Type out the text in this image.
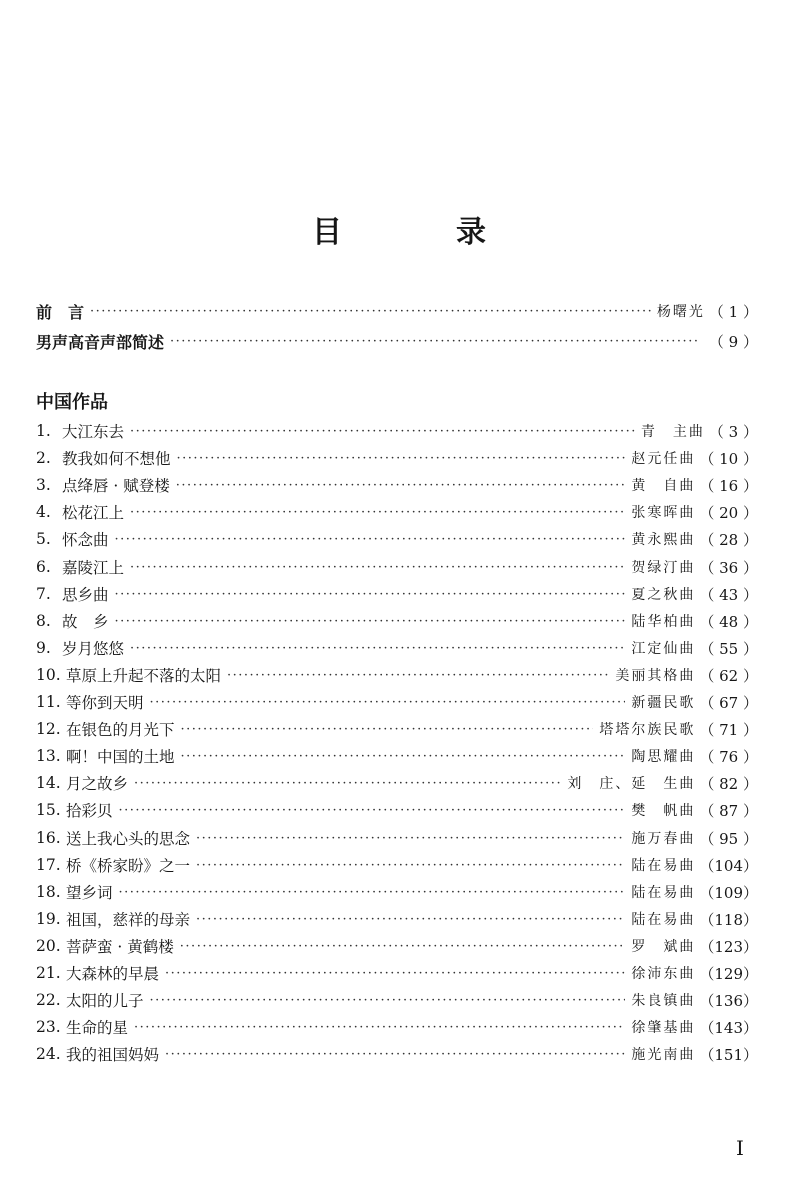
目	录
前　言 ·····	杨曙光 （ 1 ）
男声高音声部简述 ·····	（ 9 ）
中国作品
1. 大江东去 ·····	青　主曲 （ 3 ）
2. 教我如何不想他 ·····	赵元任曲 （ 10 ）
3. 点绛唇 · 赋登楼 ·····	黄　自曲 （ 16 ）
4. 松花江上 ·····	张寒晖曲 （ 20 ）
5. 怀念曲 ·····	黄永熙曲 （ 28 ）
6. 嘉陵江上 ·····	贺绿汀曲 （ 36 ）
7. 思乡曲 ·····	夏之秋曲 （ 43 ）
8. 故　乡 ·····	陆华柏曲 （ 48 ）
9. 岁月悠悠 ·····	江定仙曲 （ 55 ）
10. 草原上升起不落的太阳 ·····	美丽其格曲 （ 62 ）
11. 等你到天明 ·····	新疆民歌 （ 67 ）
12. 在银色的月光下 ·····	塔塔尔族民歌 （ 71 ）
13. 啊！中国的土地 ·····	陶思耀曲 （ 76 ）
14. 月之故乡 ·····	刘　庄、延　生曲 （ 82 ）
15. 拾彩贝 ·····	樊　帆曲 （ 87 ）
16. 送上我心头的思念 ·····	施万春曲 （ 95 ）
17. 桥《桥家盼》之一 ·····	陆在易曲 （104）
18. 望乡词 ·····	陆在易曲 （109）
19. 祖国，慈祥的母亲 ·····	陆在易曲 （118）
20. 菩萨蛮 · 黄鹤楼 ·····	罗　斌曲 （123）
21. 大森林的早晨 ·····	徐沛东曲 （129）
22. 太阳的儿子 ·····	朱良镇曲 （136）
23. 生命的星 ·····	徐肇基曲 （143）
24. 我的祖国妈妈 ·····	施光南曲 （151）
I
